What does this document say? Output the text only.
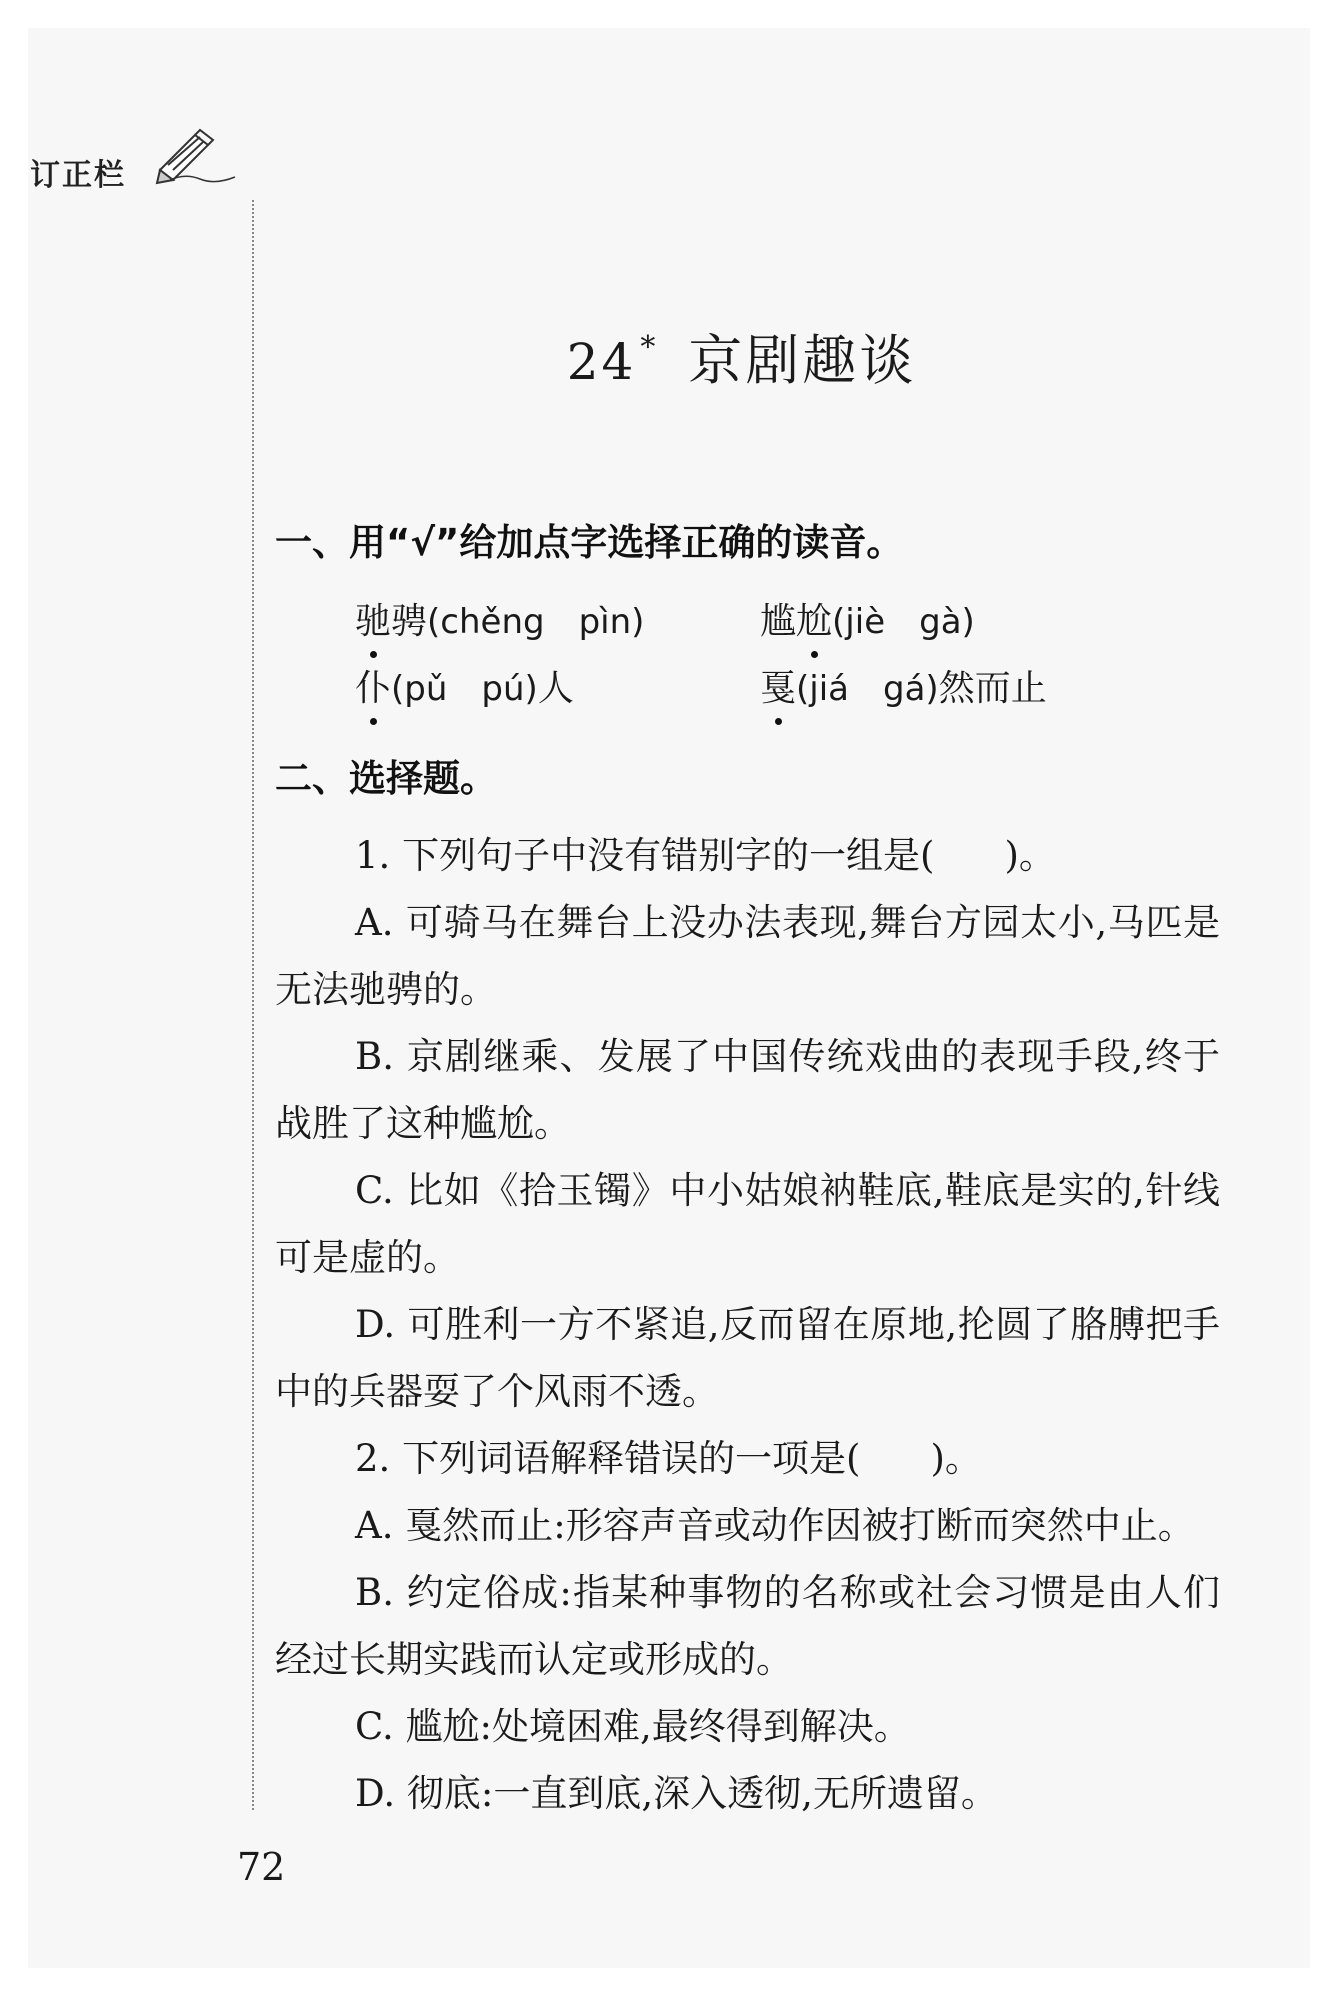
订正栏
24 * 京剧趣谈
一、用“√”给加点字选择正确的读音。
驰骋(chěng　pìn)	尴尬(jiè　gà)
仆(pǔ　pú)人	戛(jiá　gá)然而止
二、选择题。

1. 下列句子中没有错别字的一组是( )。

A. 可骑马在舞台上没办法表现,舞台方园太小,马匹是无法驰骋的。

B. 京剧继乘、发展了中国传统戏曲的表现手段,终于战胜了这种尴尬。

C. 比如《拾玉镯》中小姑娘衲鞋底,鞋底是实的,针线可是虚的。

D. 可胜利一方不紧追,反而留在原地,抡圆了胳膊把手中的兵器耍了个风雨不透。

2. 下列词语解释错误的一项是( )。

A. 戛然而止:形容声音或动作因被打断而突然中止。

B. 约定俗成:指某种事物的名称或社会习惯是由人们经过长期实践而认定或形成的。

C. 尴尬:处境困难,最终得到解决。

D. 彻底:一直到底,深入透彻,无所遗留。

72
